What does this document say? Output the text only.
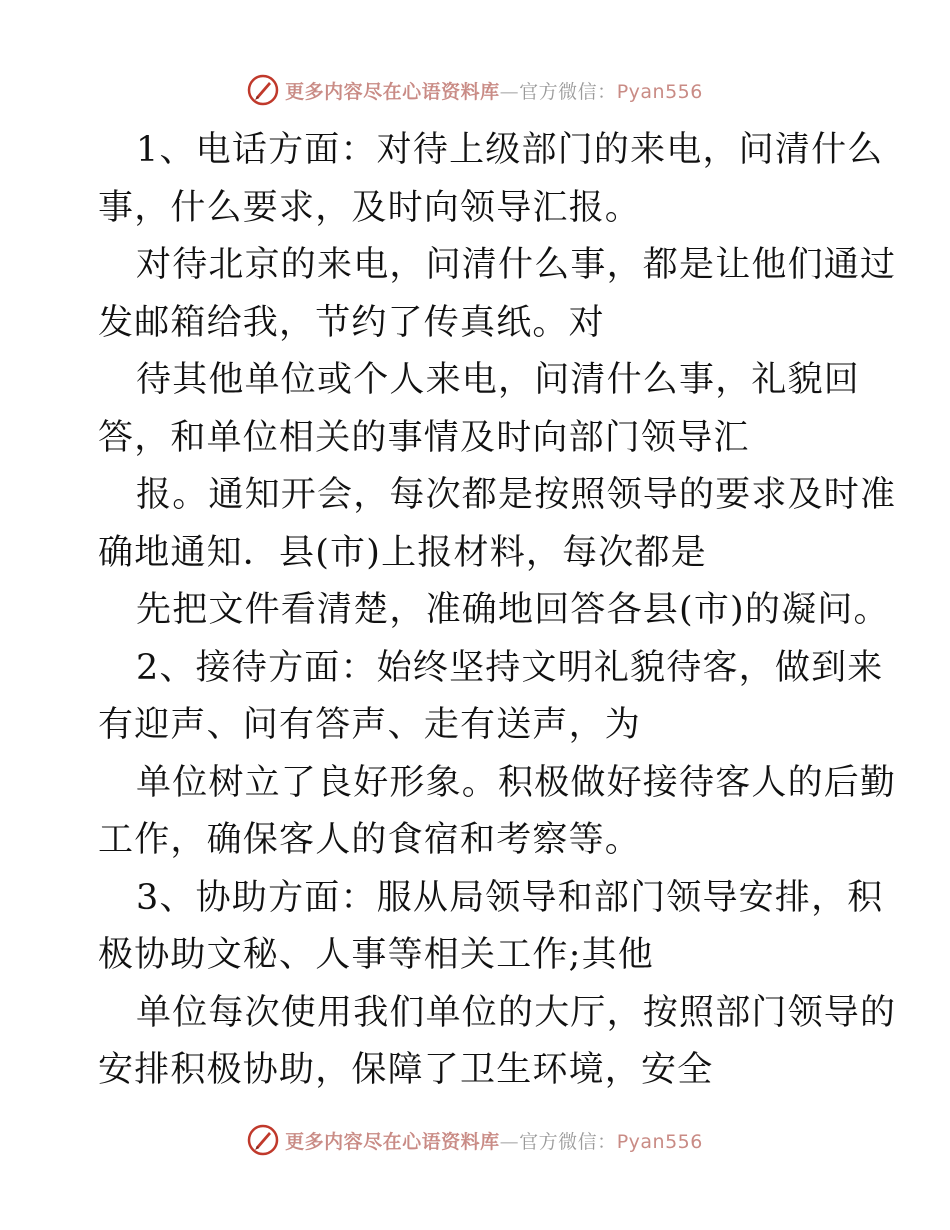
更多内容尽在心语资料库—官方微信：Pyan556
1、电话方面：对待上级部门的来电，问清什么
事，什么要求，及时向领导汇报。
对待北京的来电，问清什么事，都是让他们通过
发邮箱给我，节约了传真纸。对
待其他单位或个人来电，问清什么事，礼貌回
答，和单位相关的事情及时向部门领导汇
报。通知开会，每次都是按照领导的要求及时准
确地通知．县(市)上报材料，每次都是
先把文件看清楚，准确地回答各县(市)的凝问。
2、接待方面：始终坚持文明礼貌待客，做到来
有迎声、问有答声、走有送声，为
单位树立了良好形象。积极做好接待客人的后勤
工作，确保客人的食宿和考察等。
3、协助方面：服从局领导和部门领导安排，积
极协助文秘、人事等相关工作;其他
单位每次使用我们单位的大厅，按照部门领导的
安排积极协助，保障了卫生环境，安全
更多内容尽在心语资料库—官方微信：Pyan556
